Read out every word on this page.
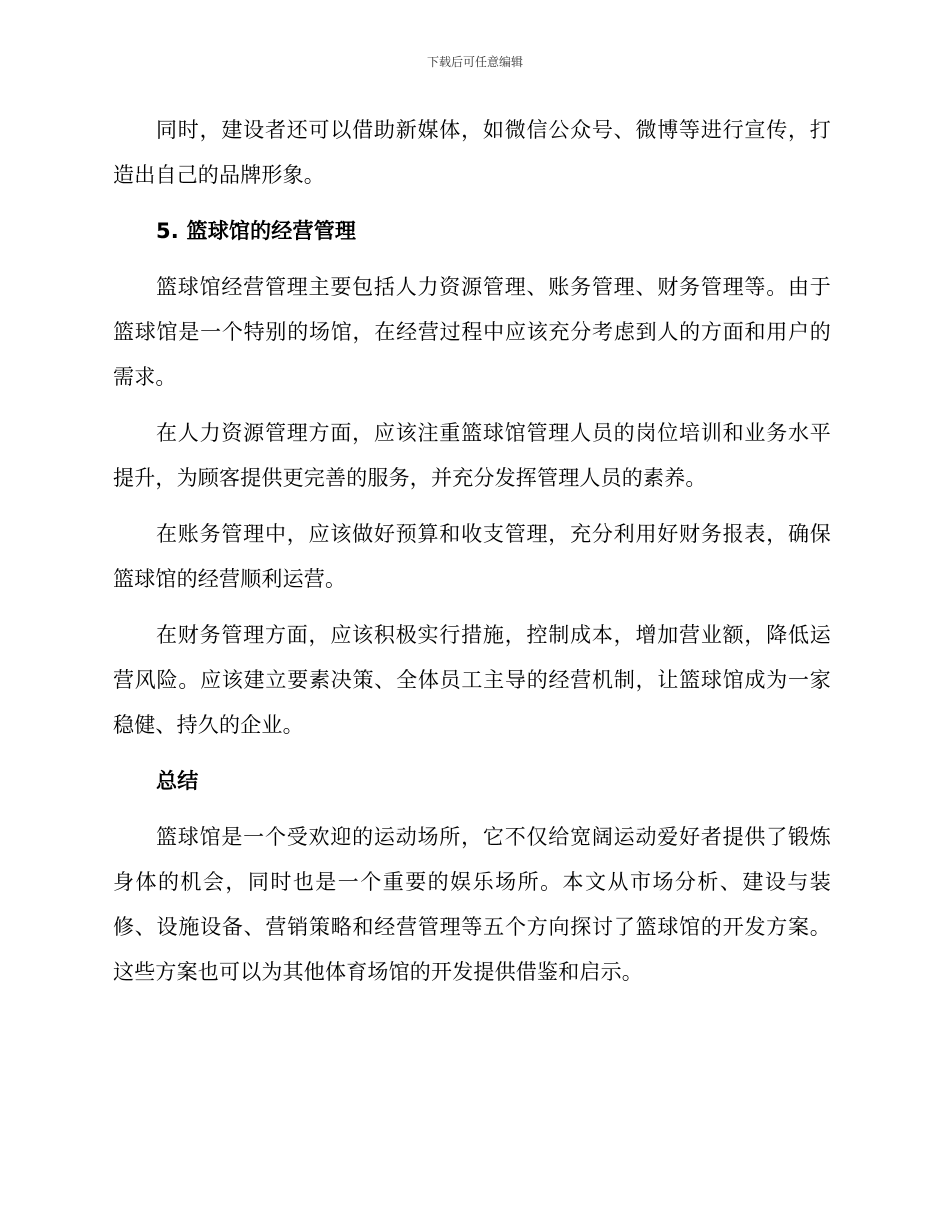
下载后可任意编辑

同时，建设者还可以借助新媒体，如微信公众号、微博等进行宣传，打造出自己的品牌形象。

5. 篮球馆的经营管理

篮球馆经营管理主要包括人力资源管理、账务管理、财务管理等。由于篮球馆是一个特别的场馆，在经营过程中应该充分考虑到人的方面和用户的需求。

在人力资源管理方面，应该注重篮球馆管理人员的岗位培训和业务水平提升，为顾客提供更完善的服务，并充分发挥管理人员的素养。

在账务管理中，应该做好预算和收支管理，充分利用好财务报表，确保篮球馆的经营顺利运营。

在财务管理方面，应该积极实行措施，控制成本，增加营业额，降低运营风险。应该建立要素决策、全体员工主导的经营机制，让篮球馆成为一家稳健、持久的企业。

总结

篮球馆是一个受欢迎的运动场所，它不仅给宽阔运动爱好者提供了锻炼身体的机会，同时也是一个重要的娱乐场所。本文从市场分析、建设与装修、设施设备、营销策略和经营管理等五个方向探讨了篮球馆的开发方案。这些方案也可以为其他体育场馆的开发提供借鉴和启示。
